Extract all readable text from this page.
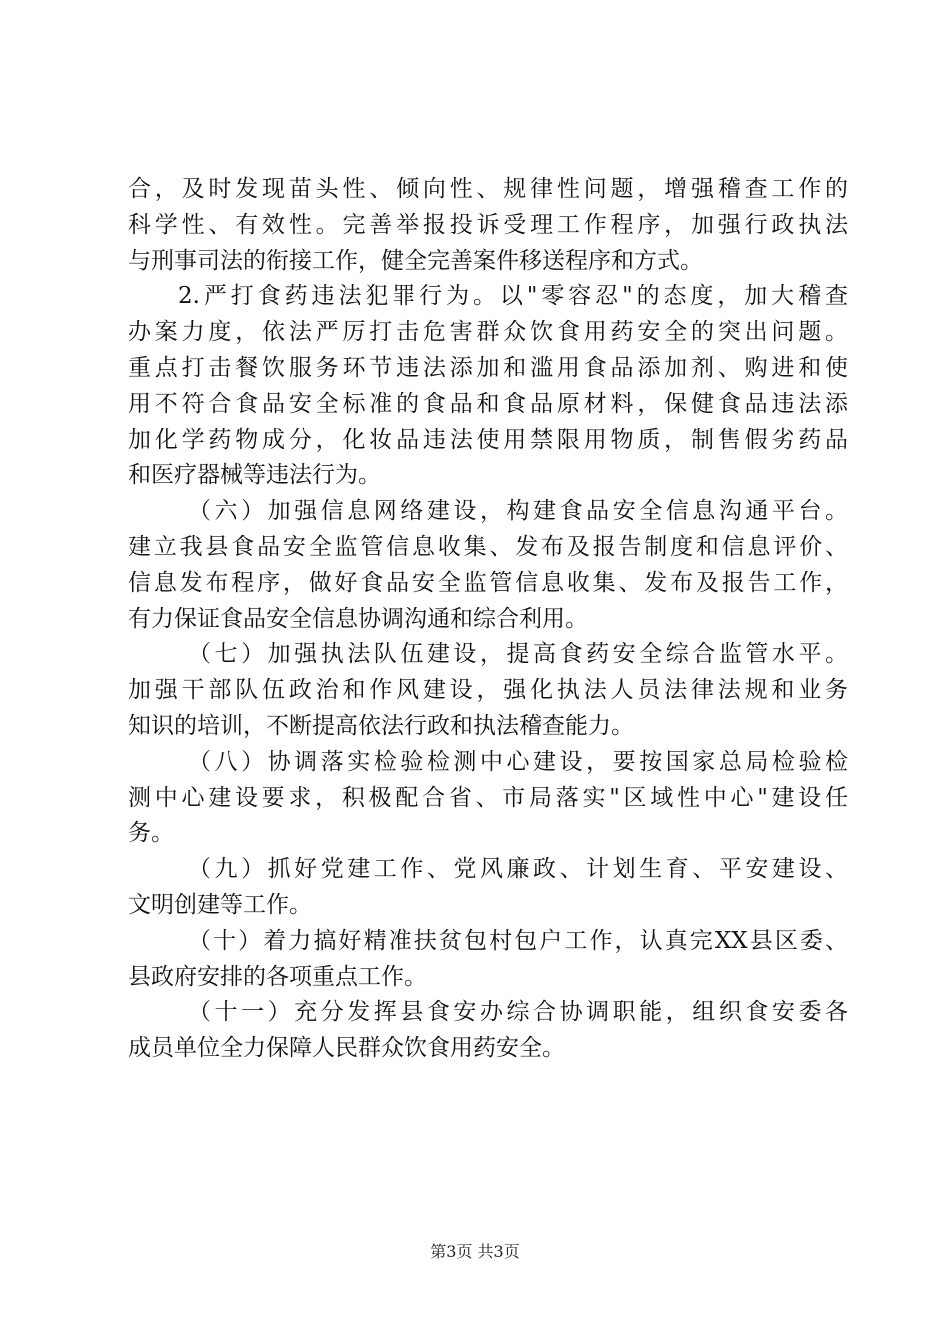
合，及时发现苗头性、倾向性、规律性问题，增强稽查工作的
科学性、有效性。完善举报投诉受理工作程序，加强行政执法
与刑事司法的衔接工作，健全完善案件移送程序和方式。
2.严打食药违法犯罪行为。以"零容忍"的态度，加大稽查
办案力度，依法严厉打击危害群众饮食用药安全的突出问题。
重点打击餐饮服务环节违法添加和滥用食品添加剂、购进和使
用不符合食品安全标准的食品和食品原材料，保健食品违法添
加化学药物成分，化妆品违法使用禁限用物质，制售假劣药品
和医疗器械等违法行为。
（六）加强信息网络建设，构建食品安全信息沟通平台。
建立我县食品安全监管信息收集、发布及报告制度和信息评价、
信息发布程序，做好食品安全监管信息收集、发布及报告工作，
有力保证食品安全信息协调沟通和综合利用。
（七）加强执法队伍建设，提高食药安全综合监管水平。
加强干部队伍政治和作风建设，强化执法人员法律法规和业务
知识的培训，不断提高依法行政和执法稽查能力。
（八）协调落实检验检测中心建设，要按国家总局检验检
测中心建设要求，积极配合省、市局落实"区域性中心"建设任
务。
（九）抓好党建工作、党风廉政、计划生育、平安建设、
文明创建等工作。
（十）着力搞好精准扶贫包村包户工作，认真完XX县区委、
县政府安排的各项重点工作。
（十一）充分发挥县食安办综合协调职能，组织食安委各
成员单位全力保障人民群众饮食用药安全。
第3页 共3页
